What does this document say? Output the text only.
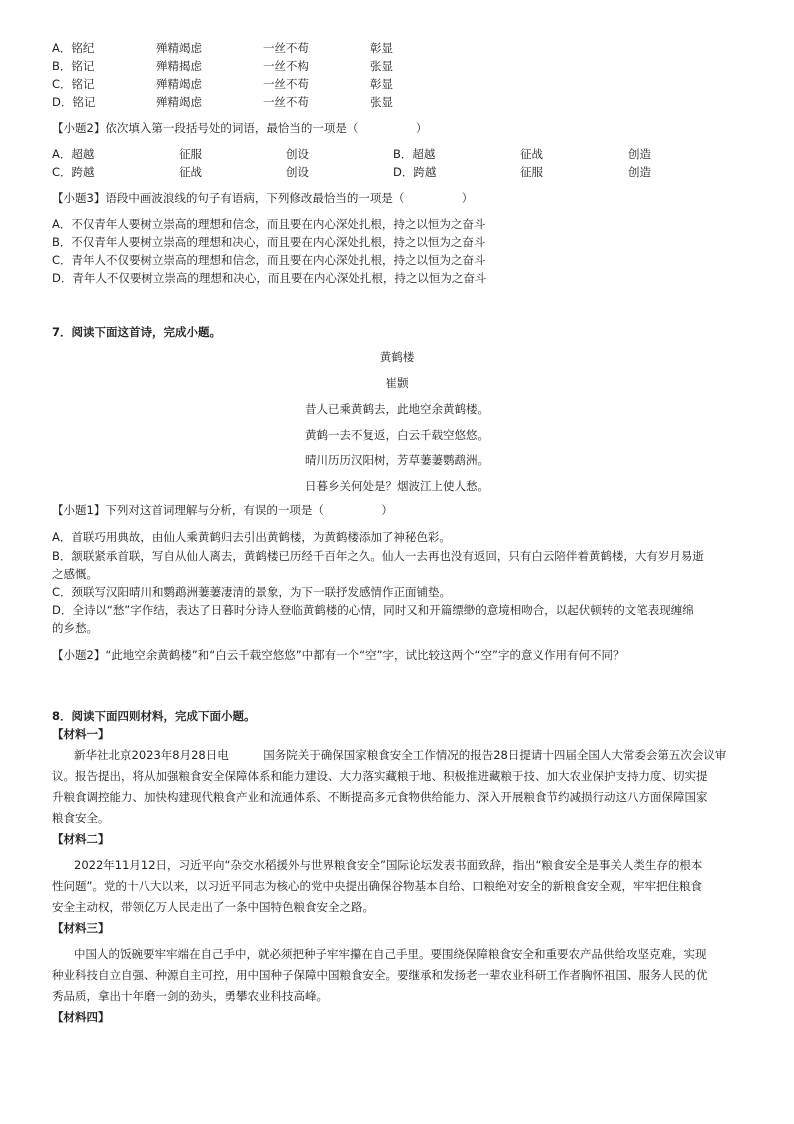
A．铭纪	殚精竭虑	一丝不苟	彰显
B．铭记	殚精揭虑	一丝不构	张显
C．铭记	殚精竭虑	一丝不苟	彰显
D．铭记	殚精竭虑	一丝不苟	张显
【小题2】依次填入第一段括号处的词语，最恰当的一项是（　　　　　）
A．超越	征服	创设	B．超越	征战	创造
C．跨越	征战	创设	D．跨越	征服	创造
【小题3】语段中画波浪线的句子有语病，下列修改最恰当的一项是（　　　　　）
A．不仅青年人要树立崇高的理想和信念，而且要在内心深处扎根，持之以恒为之奋斗
B．不仅青年人要树立崇高的理想和决心，而且要在内心深处扎根，持之以恒为之奋斗
C．青年人不仅要树立崇高的理想和信念，而且要在内心深处扎根，持之以恒为之奋斗
D．青年人不仅要树立崇高的理想和决心，而且要在内心深处扎根，持之以恒为之奋斗
7．阅读下面这首诗，完成小题。
黄鹤楼
崔颢
昔人已乘黄鹤去，此地空余黄鹤楼。
黄鹤一去不复返，白云千载空悠悠。
晴川历历汉阳树，芳草萋萋鹦鹉洲。
日暮乡关何处是？烟波江上使人愁。
【小题1】下列对这首词理解与分析，有误的一项是（　　　　　）
A．首联巧用典故，由仙人乘黄鹤归去引出黄鹤楼，为黄鹤楼添加了神秘色彩。
B．颔联紧承首联，写自从仙人离去，黄鹤楼已历经千百年之久。仙人一去再也没有返回，只有白云陪伴着黄鹤楼，大有岁月易逝
之感慨。
C．颈联写汉阳晴川和鹦鹉洲萋萋凄清的景象，为下一联抒发感情作正面铺垫。
D．全诗以“愁”字作结，表达了日暮时分诗人登临黄鹤楼的心情，同时又和开篇缥缈的意境相吻合，以起伏顿转的文笔表现缠绵
的乡愁。
【小题2】“此地空余黄鹤楼”和“白云千载空悠悠”中都有一个“空”字，试比较这两个“空”字的意义作用有何不同？
8．阅读下面四则材料，完成下面小题。
【材料一】
新华社北京2023年8月28日电　　　国务院关于确保国家粮食安全工作情况的报告28日提请十四届全国人大常委会第五次会议审
议。报告提出，将从加强粮食安全保障体系和能力建设、大力落实藏粮于地、积极推进藏粮于技、加大农业保护支持力度、切实提
升粮食调控能力、加快构建现代粮食产业和流通体系、不断提高多元食物供给能力、深入开展粮食节约减损行动这八方面保障国家
粮食安全。
【材料二】
2022年11月12日，习近平向“杂交水稻援外与世界粮食安全”国际论坛发表书面致辞，指出“粮食安全是事关人类生存的根本
性问题”。党的十八大以来，以习近平同志为核心的党中央提出确保谷物基本自给、口粮绝对安全的新粮食安全观，牢牢把住粮食
安全主动权，带领亿万人民走出了一条中国特色粮食安全之路。
【材料三】
中国人的饭碗要牢牢端在自己手中，就必须把种子牢牢攥在自己手里。要围绕保障粮食安全和重要农产品供给攻坚克难，实现
种业科技自立自强、种源自主可控，用中国种子保障中国粮食安全。要继承和发扬老一辈农业科研工作者胸怀祖国、服务人民的优
秀品质，拿出十年磨一剑的劲头，勇攀农业科技高峰。
【材料四】
